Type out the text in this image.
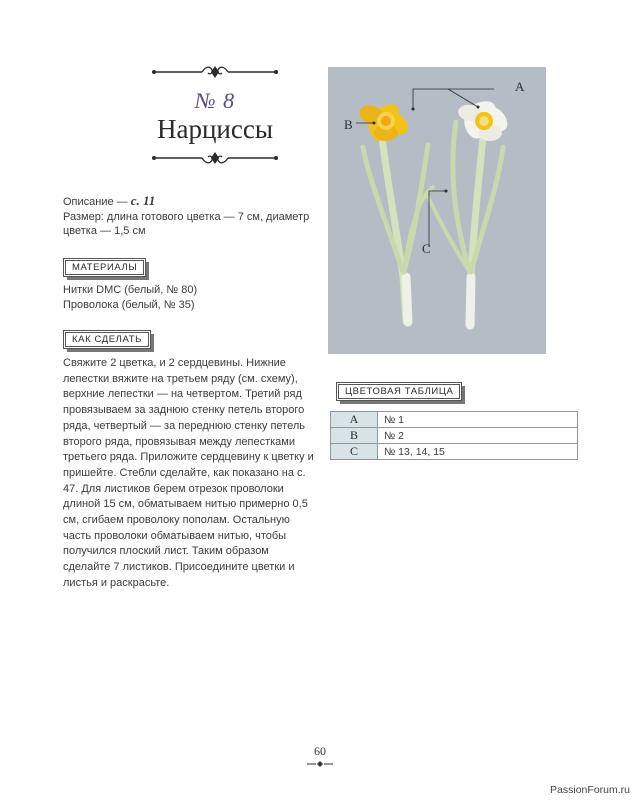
№ 8
Нарциссы
Описание — с. 11
Размер: длина готового цветка — 7 см, диаметр цветка — 1,5 см
МАТЕРИАЛЫ
Нитки DMC (белый, № 80)
Проволока (белый, № 35)
КАК СДЕЛАТЬ

Свяжите 2 цветка, и 2 сердцевины. Нижние лепестки вяжите на третьем ряду (см. схему), верхние лепестки — на четвертом. Третий ряд провязываем за заднюю стенку петель второго ряда, четвертый — за переднюю стенку петель второго ряда, провязывая между лепестками третьего ряда. Приложите сердцевину к цветку и пришейте. Стебли сделайте, как показано на с. 47. Для листиков берем отрезок проволоки длиной 15 см, обматываем нитью примерно 0,5 см, сгибаем проволоку пополам. Остальную часть проволоки обматываем нитью, чтобы получился плоский лист. Таким образом сделайте 7 листиков. Присоедините цветки и листья и раскрасьте.

A
B
C
ЦВЕТОВАЯ ТАБЛИЦА
A	№ 1
B	№ 2
C	№ 13, 14, 15
60
PassionForum.ru
